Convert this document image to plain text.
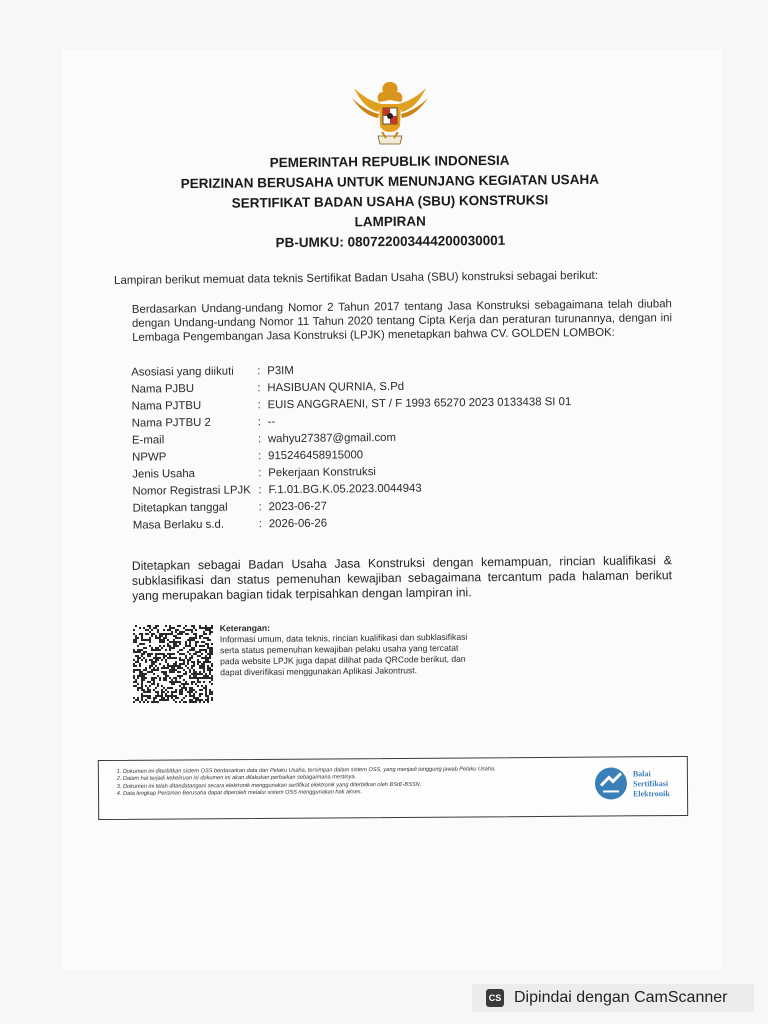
PEMERINTAH REPUBLIK INDONESIA
PERIZINAN BERUSAHA UNTUK MENUNJANG KEGIATAN USAHA
SERTIFIKAT BADAN USAHA (SBU) KONSTRUKSI
LAMPIRAN
PB-UMKU: 080722003444200030001
Lampiran berikut memuat data teknis Sertifikat Badan Usaha (SBU) konstruksi sebagai berikut:
Berdasarkan Undang-undang Nomor 2 Tahun 2017 tentang Jasa Konstruksi sebagaimana telah diubah dengan Undang-undang Nomor 11 Tahun 2020 tentang Cipta Kerja dan peraturan turunannya, dengan ini Lembaga Pengembangan Jasa Konstruksi (LPJK) menetapkan bahwa CV. GOLDEN LOMBOK:
Asosiasi yang diikuti	: P3IM
Nama PJBU	: HASIBUAN QURNIA, S.Pd
Nama PJTBU	: EUIS ANGGRAENI, ST / F 1993 65270 2023 0133438 SI 01
Nama PJTBU 2	: --
E-mail	: wahyu27387@gmail.com
NPWP	: 915246458915000
Jenis Usaha	: Pekerjaan Konstruksi
Nomor Registrasi LPJK : F.1.01.BG.K.05.2023.0044943
Ditetapkan tanggal	: 2023-06-27
Masa Berlaku s.d.	: 2026-06-26
Ditetapkan sebagai Badan Usaha Jasa Konstruksi dengan kemampuan, rincian kualifikasi & subklasifikasi dan status pemenuhan kewajiban sebagaimana tercantum pada halaman berikut yang merupakan bagian tidak terpisahkan dengan lampiran ini.
Keterangan:
Informasi umum, data teknis, rincian kualifikasi dan subklasifikasi serta status pemenuhan kewajiban pelaku usaha yang tercatat pada website LPJK juga dapat dilihat pada QRCode berikut, dan dapat diverifikasi menggunakan Aplikasi Jakontrust.
1. Dokumen ini diterbitkan sistem OSS berdasarkan data dari Pelaku Usaha, tersimpan dalam sistem OSS, yang menjadi tanggung jawab Pelaku Usaha.
2. Dalam hal terjadi kekeliruan isi dokumen ini akan dilakukan perbaikan sebagaimana mestinya.
3. Dokumen ini telah ditandatangani secara elektronik menggunakan sertifikat elektronik yang diterbitkan oleh BSrE-BSSN.
4. Data lengkap Perizinan Berusaha dapat diperoleh melalui sistem OSS menggunakan hak akses.
Balai
Sertifikasi
Elektronik
CS Dipindai dengan CamScanner
